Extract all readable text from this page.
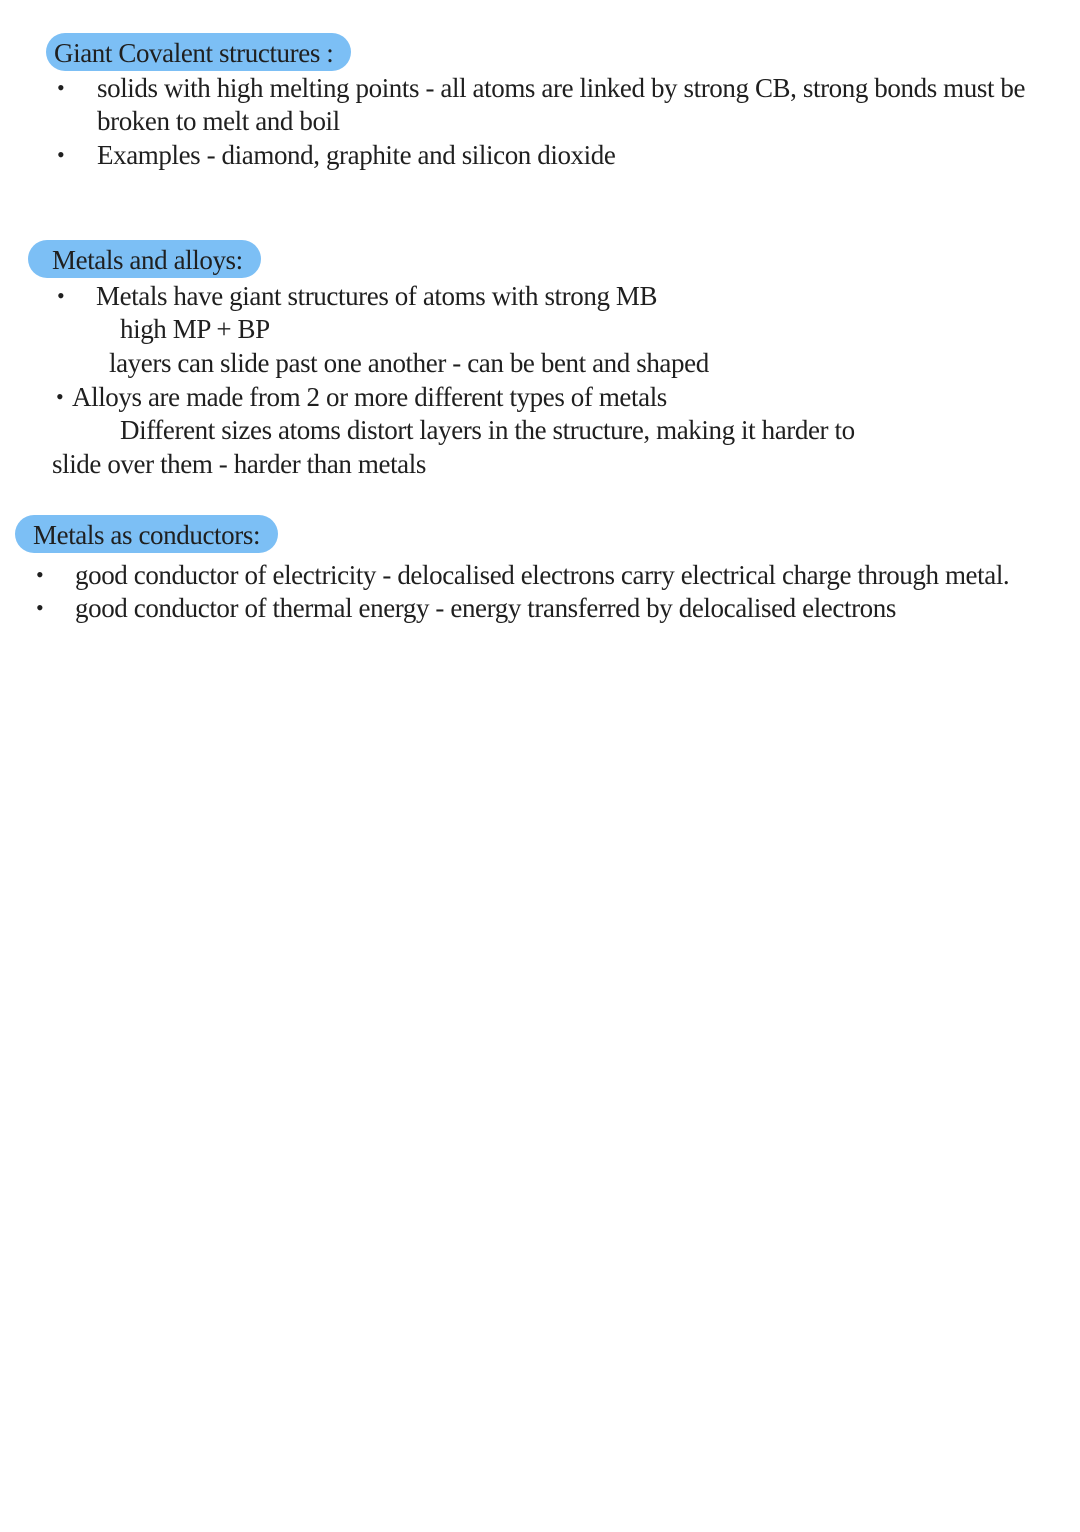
Giant Covalent structures :
• solids with high melting points - all atoms are linked by strong CB, strong bonds must be
broken to melt and boil
• Examples - diamond, graphite and silicon dioxide
Metals and alloys:
• Metals have giant structures of atoms with strong MB
high MP + BP
layers can slide past one another - can be bent and shaped
• Alloys are made from 2 or more different types of metals
Different sizes atoms distort layers in the structure, making it harder to
slide over them - harder than metals
Metals as conductors:
• good conductor of electricity - delocalised electrons carry electrical charge through metal.
• good conductor of thermal energy - energy transferred by delocalised electrons
